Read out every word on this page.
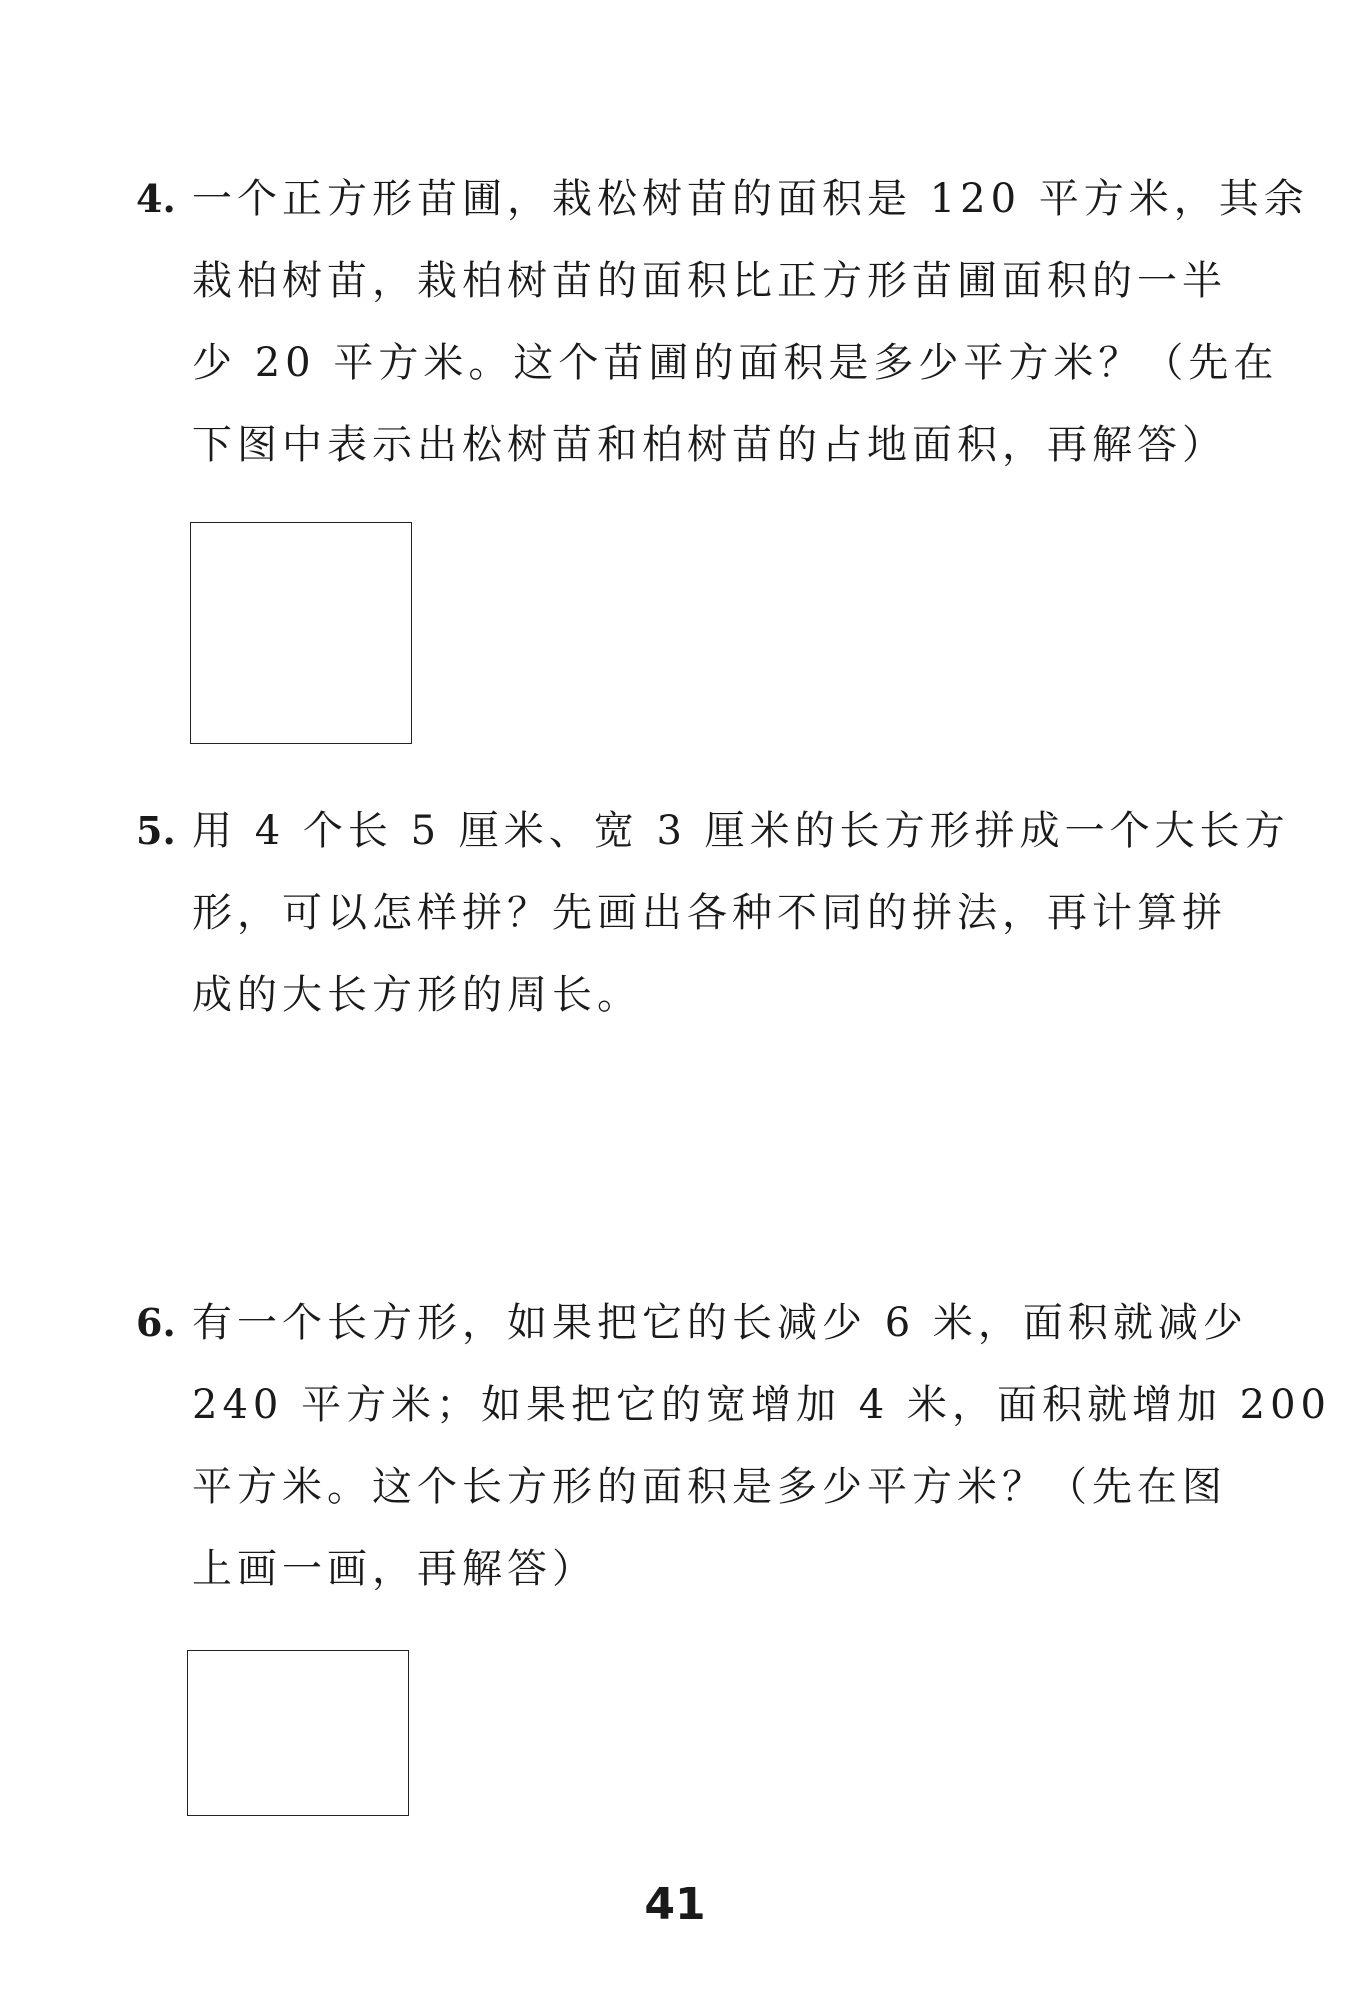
4. 一个正方形苗圃，栽松树苗的面积是 120 平方米，其余
栽柏树苗，栽柏树苗的面积比正方形苗圃面积的一半
少 20 平方米。这个苗圃的面积是多少平方米？（先在
下图中表示出松树苗和柏树苗的占地面积，再解答）
5. 用 4 个长 5 厘米、宽 3 厘米的长方形拼成一个大长方
形，可以怎样拼？先画出各种不同的拼法，再计算拼
成的大长方形的周长。
6. 有一个长方形，如果把它的长减少 6 米，面积就减少
240 平方米；如果把它的宽增加 4 米，面积就增加 200
平方米。这个长方形的面积是多少平方米？（先在图
上画一画，再解答）
41
